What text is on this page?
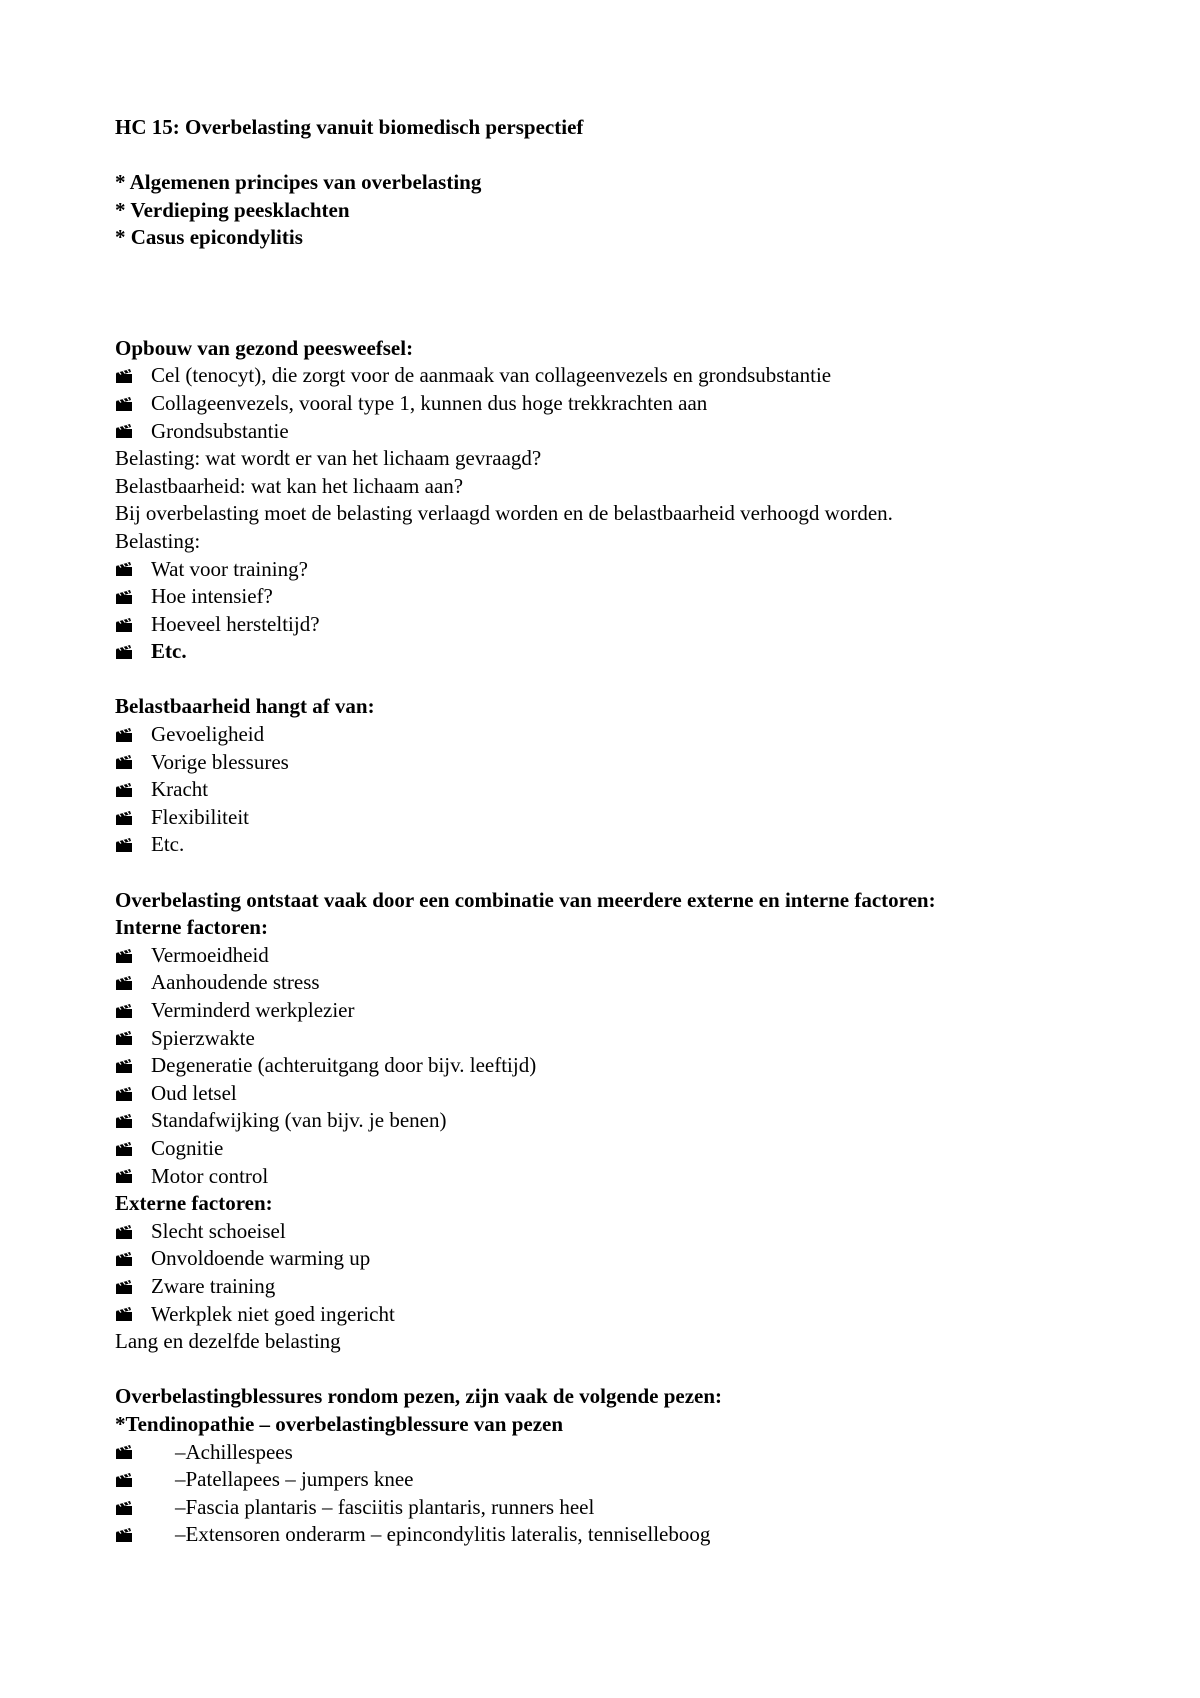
HC 15: Overbelasting vanuit biomedisch perspectief
* Algemenen principes van overbelasting
* Verdieping peesklachten
* Casus epicondylitis
Opbouw van gezond peesweefsel:
Cel (tenocyt), die zorgt voor de aanmaak van collageenvezels en grondsubstantie
Collageenvezels, vooral type 1, kunnen dus hoge trekkrachten aan
Grondsubstantie
Belasting: wat wordt er van het lichaam gevraagd?
Belastbaarheid: wat kan het lichaam aan?
Bij overbelasting moet de belasting verlaagd worden en de belastbaarheid verhoogd worden.
Belasting:
Wat voor training?
Hoe intensief?
Hoeveel hersteltijd?
Etc.
Belastbaarheid hangt af van:
Gevoeligheid
Vorige blessures
Kracht
Flexibiliteit
Etc.
Overbelasting ontstaat vaak door een combinatie van meerdere externe en interne factoren:
Interne factoren:
Vermoeidheid
Aanhoudende stress
Verminderd werkplezier
Spierzwakte
Degeneratie (achteruitgang door bijv. leeftijd)
Oud letsel
Standafwijking (van bijv. je benen)
Cognitie
Motor control
Externe factoren:
Slecht schoeisel
Onvoldoende warming up
Zware training
Werkplek niet goed ingericht
Lang en dezelfde belasting
Overbelastingblessures rondom pezen, zijn vaak de volgende pezen:
*Tendinopathie – overbelastingblessure van pezen
–Achillespees
–Patellapees – jumpers knee
–Fascia plantaris – fasciitis plantaris, runners heel
–Extensoren onderarm – epincondylitis lateralis, tenniselleboog
